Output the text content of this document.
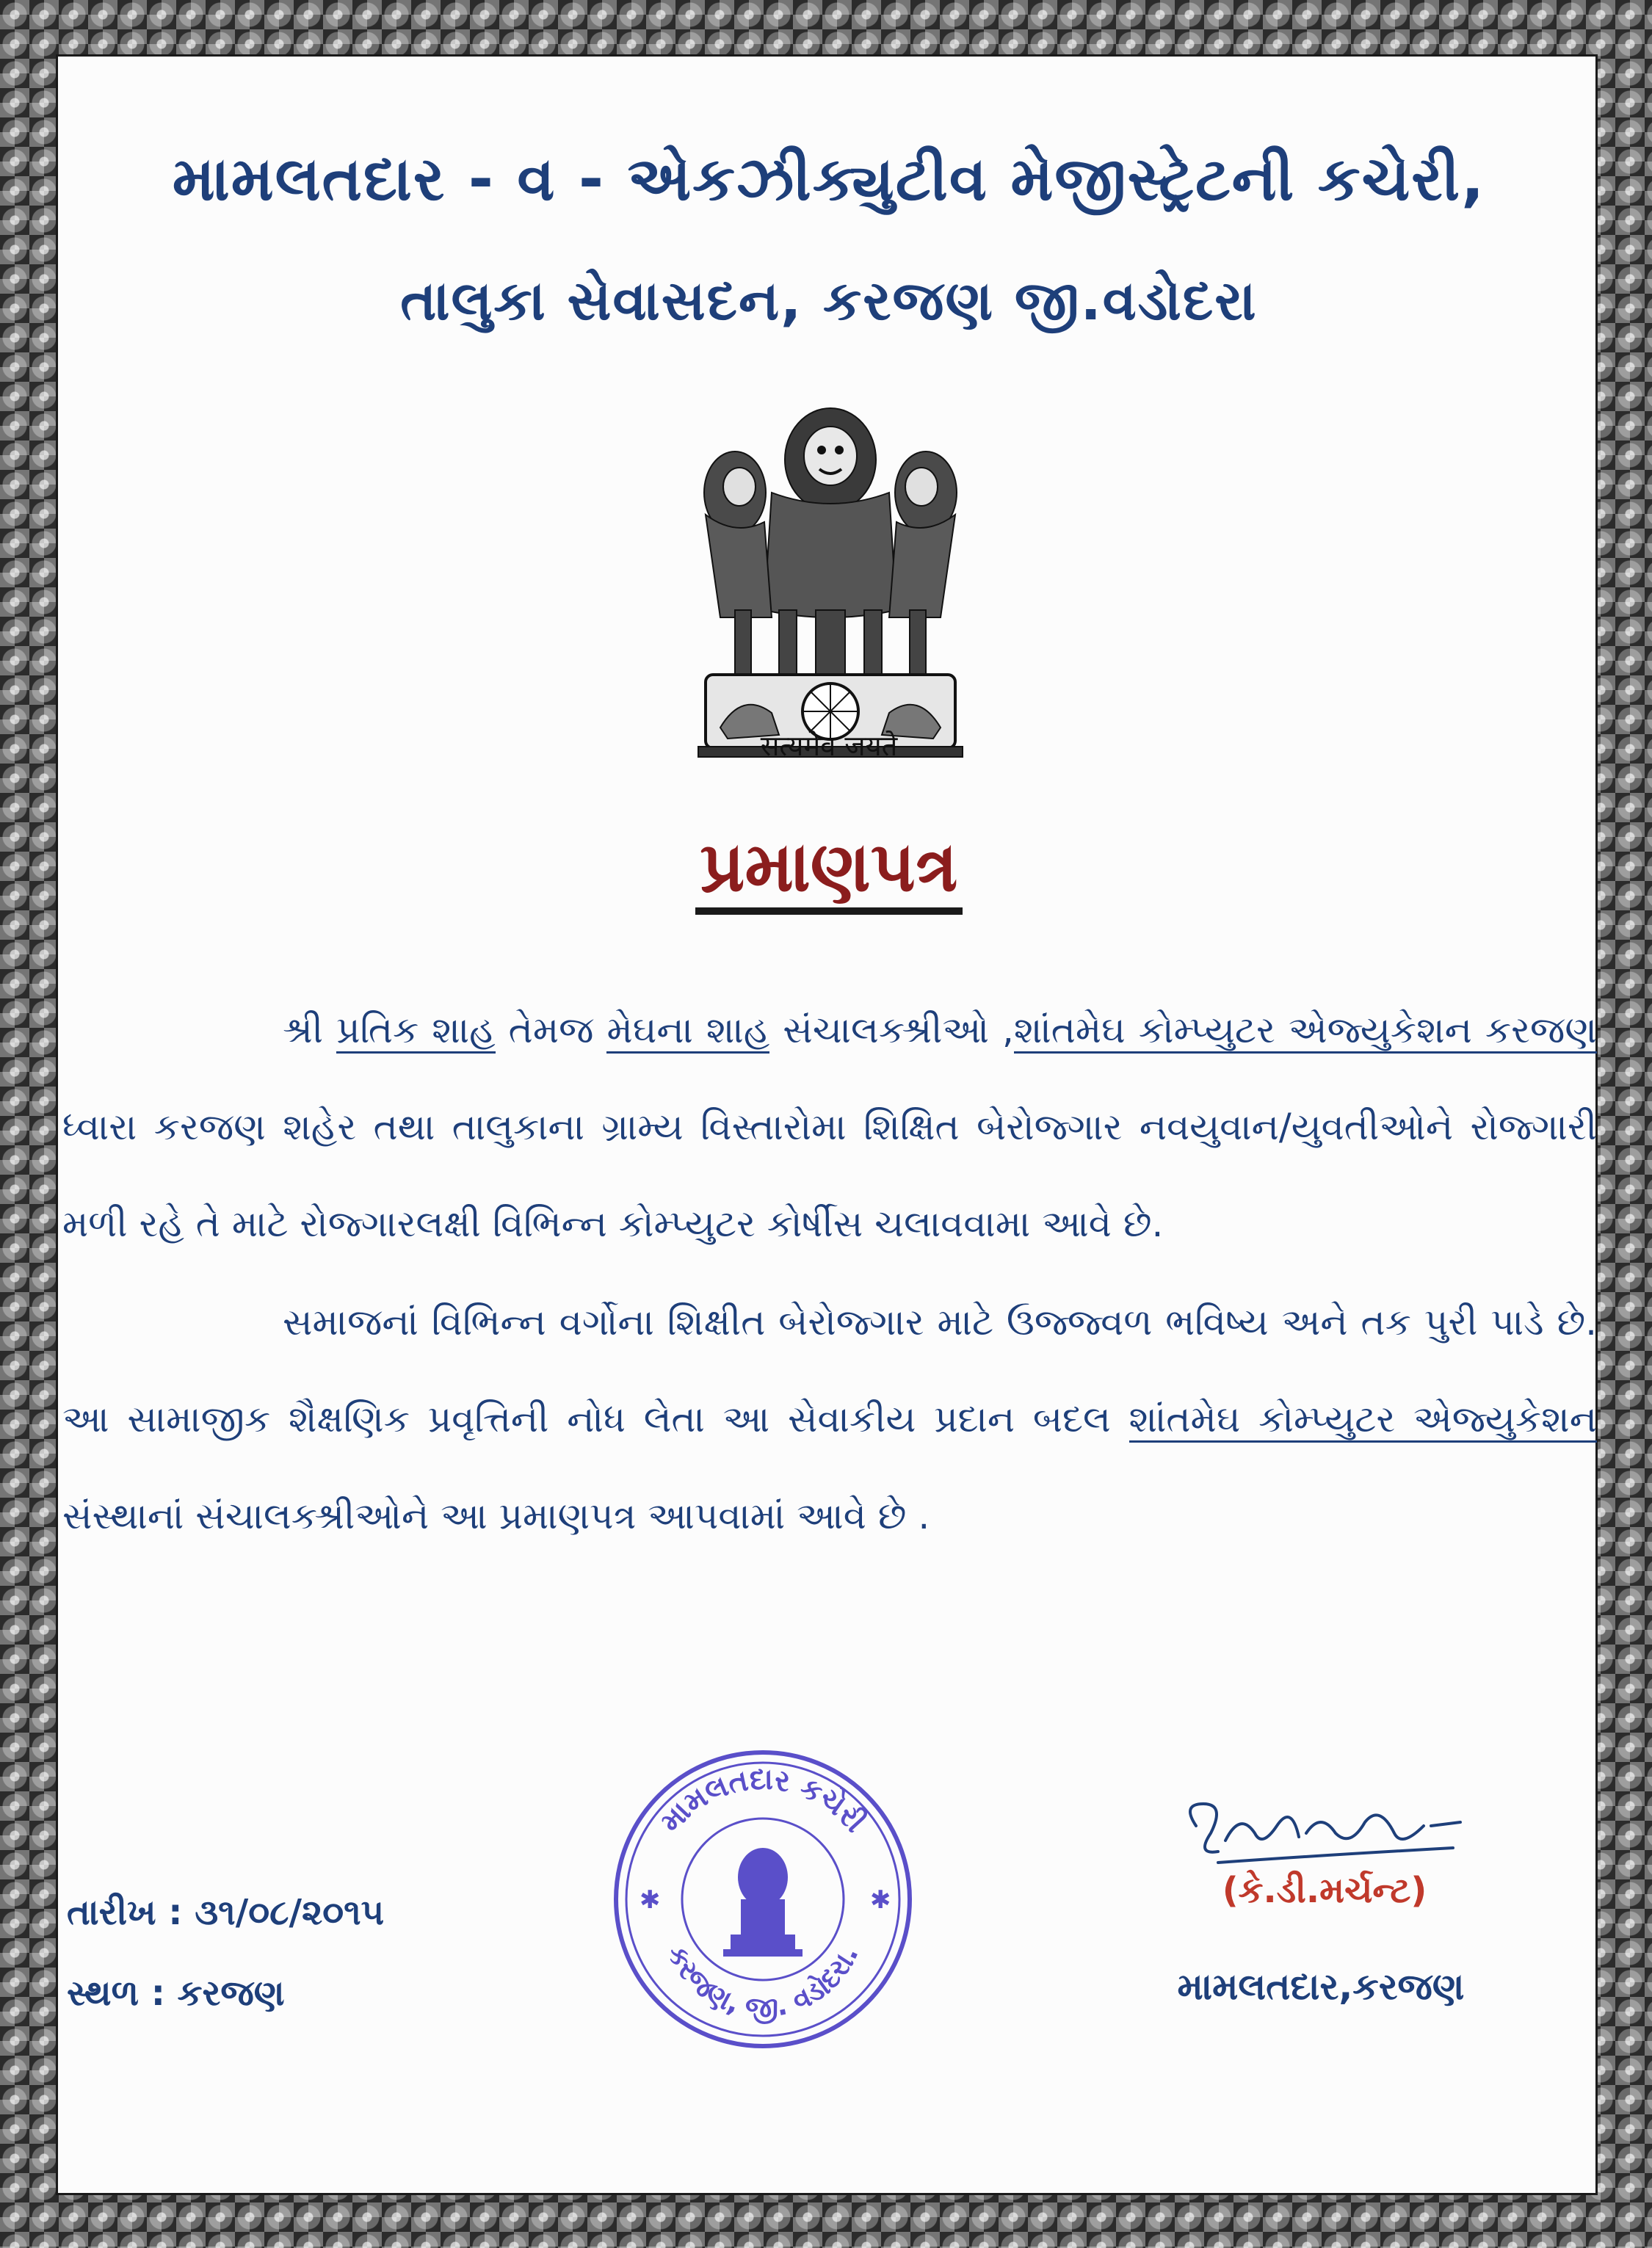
મામલતદાર - વ - એકઝીક્યુટીવ મેજીસ્ટ્રેટની કચેરી,
તાલુકા સેવાસદન, કરજણ જી.વડોદરા
सत्यमेव जयते
પ્રમાણપત્ર

શ્રી પ્રતિક શાહ તેમજ મેઘના શાહ સંચાલક્શ્રીઓ ,શાંતમેઘ કોમ્પ્યુટર એજ્યુકેશન કરજણ ધ્વારા કરજણ શહેર તથા તાલુકાના ગ્રામ્ય વિસ્તારોમા શિક્ષિત બેરોજ્ગાર નવયુવાન/યુવતીઓને રોજ્ગારી મળી રહે તે માટે રોજ્ગારલક્ષી વિભિન્ન કોમ્પ્યુટર કોર્ષીસ ચલાવવામા આવે છે.

સમાજનાં વિભિન્ન વર્ગોના શિક્ષીત બેરોજ્ગાર માટે ઉજ્જ્વળ ભવિષ્ય અને તક પુરી પાડે છે. આ સામાજીક શૈક્ષણિક પ્રવૃત્તિની નોધ લેતા આ સેવાકીય પ્રદાન બદલ શાંતમેઘ કોમ્પ્યુટર એજ્યુકેશન સંસ્થાનાં સંચાલક્શ્રીઓને આ પ્રમાણપત્ર આપવામાં આવે છે .

મામલતદાર કચેરી
કરજણ, જી. વડોદરા.
✱	✱	(કે.ડી.મર્ચન્ટ)
મામલતદાર,કરજણ
તારીખ : ૩૧/૦૮/૨૦૧૫
સ્થળ : કરજણ
